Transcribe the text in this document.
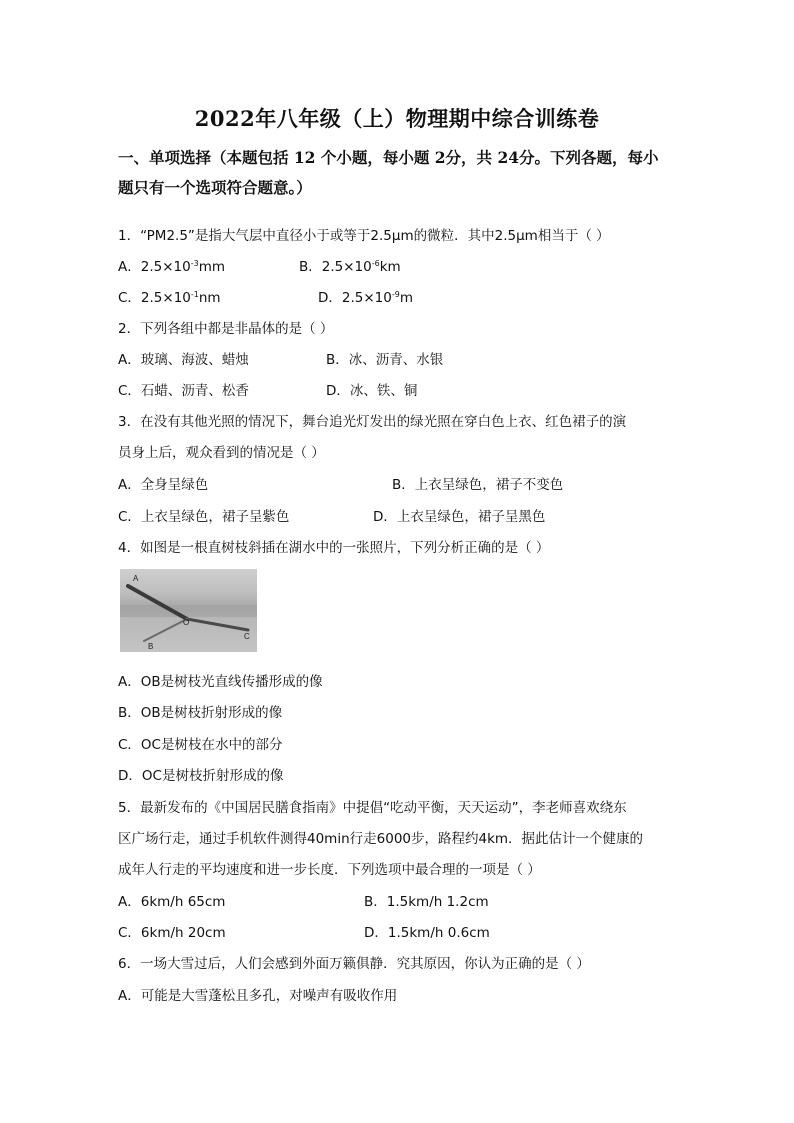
2022年八年级（上）物理期中综合训练卷
一、单项选择（本题包括 12 个小题，每小题 2分，共 24分。下列各题，每小
题只有一个选项符合题意。）
1．“PM2.5”是指大气层中直径小于或等于2.5μm的微粒．其中2.5μm相当于（ ）
A．$2.5\times 10^{-3}mm$	B．$2.5\times 10^{-6}km$
C．$2.5\times 10^{-1}nm$	D．$2.5\times 10^{-9}m$
2．下列各组中都是非晶体的是（ ）
A．玻璃、海波、蜡烛	B．冰、沥青、水银
C．石蜡、沥青、松香	D．冰、铁、铜
3．在没有其他光照的情况下，舞台追光灯发出的绿光照在穿白色上衣、红色裙子的演
员身上后，观众看到的情况是（ ）
A．全身呈绿色	B．上衣呈绿色，裙子不变色
C．上衣呈绿色，裙子呈紫色	D．上衣呈绿色，裙子呈黑色
4．如图是一根直树枝斜插在湖水中的一张照片，下列分析正确的是（ ）
A
O
B
C
A．OB是树枝光直线传播形成的像
B．OB是树枝折射形成的像
C．OC是树枝在水中的部分
D．OC是树枝折射形成的像
5．最新发布的《中国居民膳食指南》中提倡“吃动平衡，天天运动”，李老师喜欢绕东
区广场行走，通过手机软件测得40min行走6000步，路程约4km．据此估计一个健康的
成年人行走的平均速度和进一步长度．下列选项中最合理的一项是（ ）
A．6km/h 65cm	B．1.5km/h 1.2cm
C．6km/h 20cm	D．1.5km/h 0.6cm
6．一场大雪过后，人们会感到外面万籁俱静．究其原因，你认为正确的是（ ）
A．可能是大雪蓬松且多孔，对噪声有吸收作用
